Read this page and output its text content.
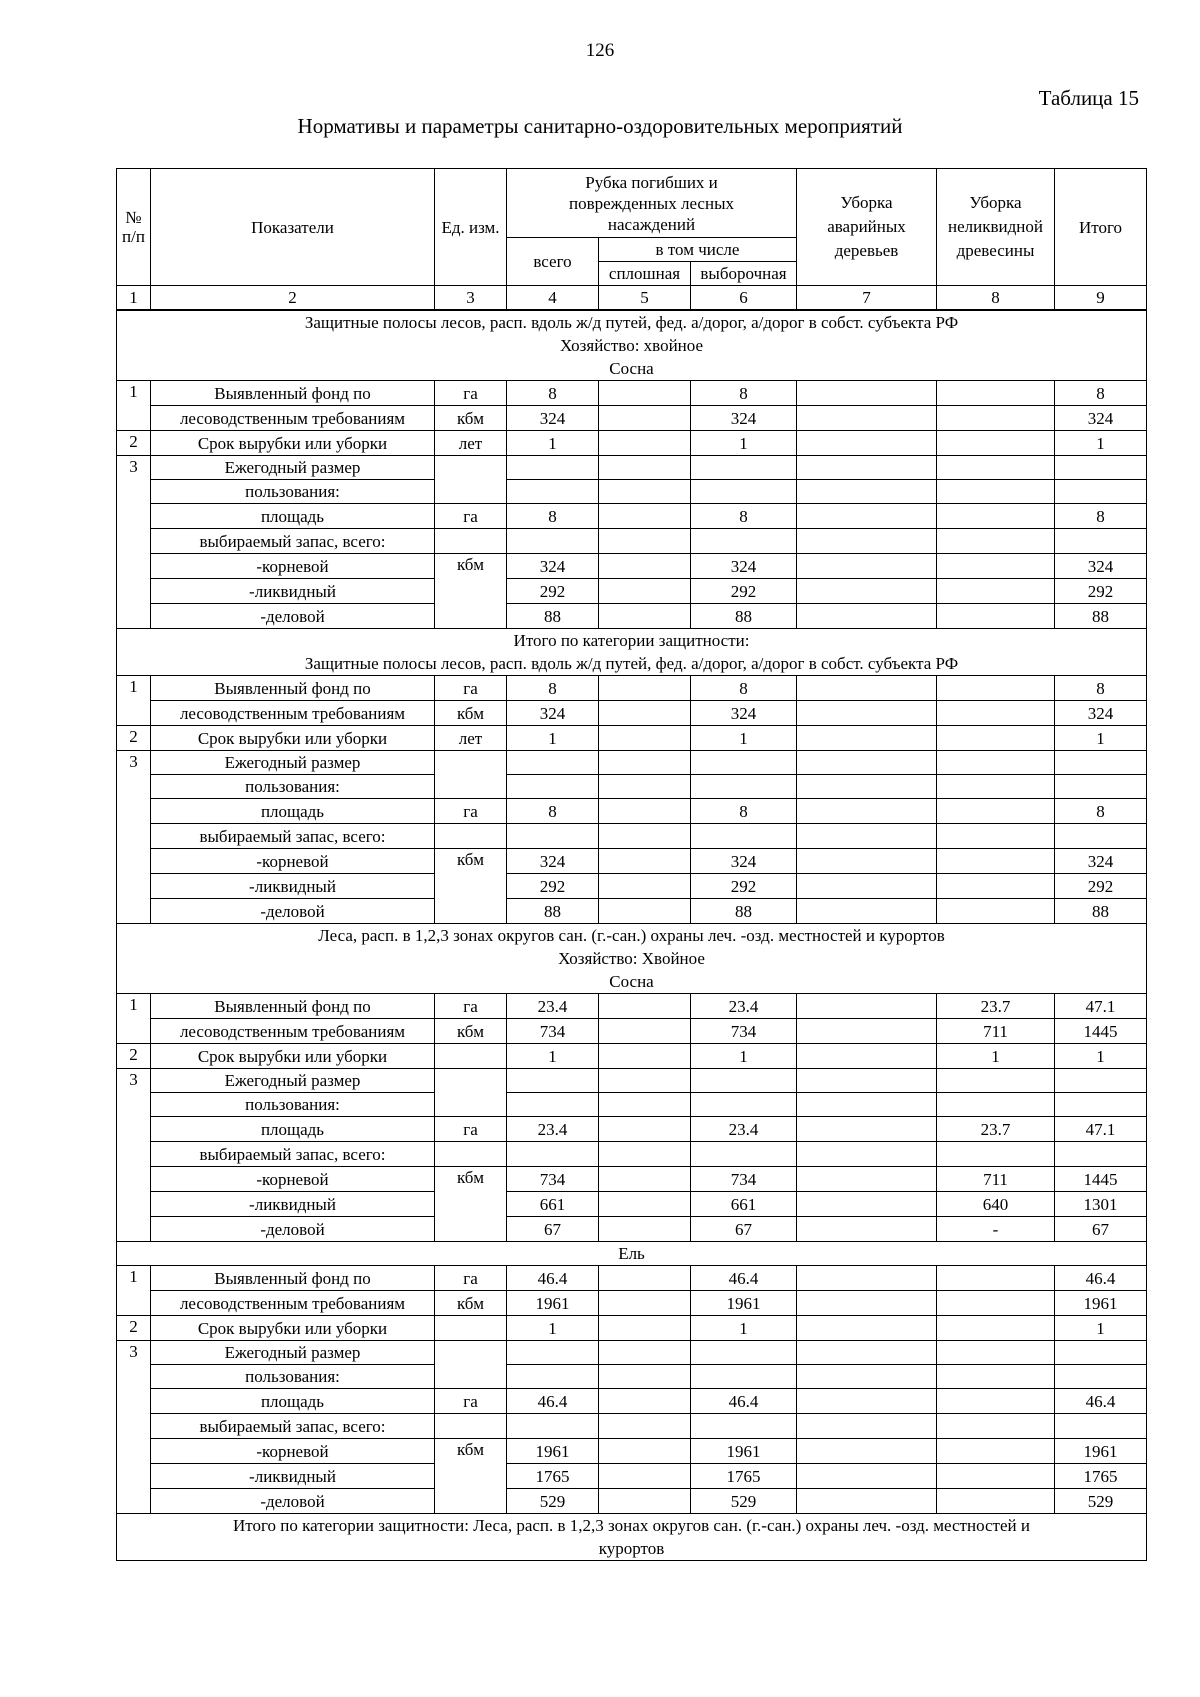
126
Таблица 15
Нормативы и параметры санитарно-оздоровительных мероприятий
№ п/п	Показатели	Ед. изм.	Рубка погибших и поврежденных лесных насаждений			Уборка аварийных деревьев	Уборка неликвидной древесины	Итого
			всего	в том числе				
				сплошная	выборочная			
1	2	3	4	5	6	7	8	9
Защитные полосы лесов, расп. вдоль ж/д путей, фед. а/дорог, а/дорог в собст. субъекта РФ
Хозяйство: хвойное
Сосна								
1	Выявленный фонд по	га	8		8			8
	лесоводственным требованиям	кбм	324		324			324
2	Срок вырубки или уборки	лет	1		1			1
3	Ежегодный размер							
	пользования:							
	площадь	га	8		8			8
	выбираемый запас, всего:							
	-корневой	кбм	324		324			324
	-ликвидный		292		292			292
	-деловой		88		88			88
Итого по категории защитности:
Защитные полосы лесов, расп. вдоль ж/д путей, фед. а/дорог, а/дорог в собст. субъекта РФ								
1	Выявленный фонд по	га	8		8			8
	лесоводственным требованиям	кбм	324		324			324
2	Срок вырубки или уборки	лет	1		1			1
3	Ежегодный размер							
	пользования:							
	площадь	га	8		8			8
	выбираемый запас, всего:							
	-корневой	кбм	324		324			324
	-ликвидный		292		292			292
	-деловой		88		88			88
Леса, расп. в 1,2,3 зонах округов сан. (г.-сан.) охраны леч. -озд. местностей и курортов
Хозяйство: Хвойное
Сосна								
1	Выявленный фонд по	га	23.4		23.4		23.7	47.1
	лесоводственным требованиям	кбм	734		734		711	1445
2	Срок вырубки или уборки		1		1		1	1
3	Ежегодный размер							
	пользования:							
	площадь	га	23.4		23.4		23.7	47.1
	выбираемый запас, всего:							
	-корневой	кбм	734		734		711	1445
	-ликвидный		661		661		640	1301
	-деловой		67		67		-	67
Ель								
1	Выявленный фонд по	га	46.4		46.4			46.4
	лесоводственным требованиям	кбм	1961		1961			1961
2	Срок вырубки или уборки		1		1			1
3	Ежегодный размер							
	пользования:							
	площадь	га	46.4		46.4			46.4
	выбираемый запас, всего:							
	-корневой	кбм	1961		1961			1961
	-ликвидный		1765		1765			1765
	-деловой		529		529			529
Итого по категории защитности: Леса, расп. в 1,2,3 зонах округов сан. (г.-сан.) охраны леч. -озд. местностей и
курортов								
